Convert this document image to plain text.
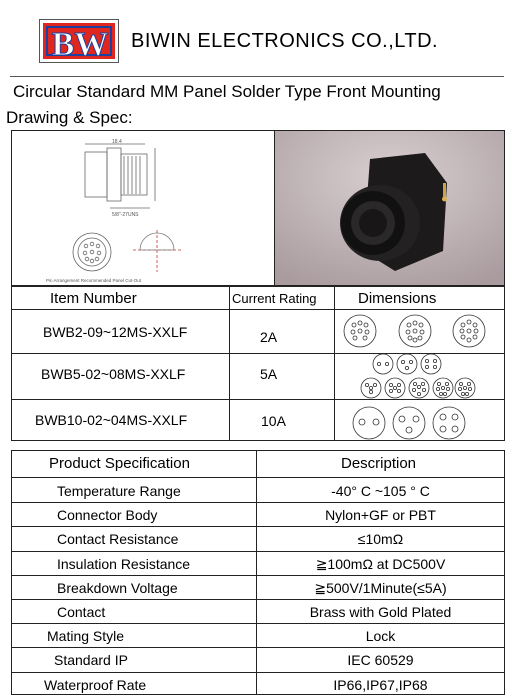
BW BIWIN ELECTRONICS CO.,LTD.
Circular Standard MM Panel Solder Type Front Mounting
Drawing & Spec:
18.4
5/8"-27UNS
Pin Arrangement Recommended Panel Cut-Out
Item Number	Current Rating	Dimensions
BWB2-09~12MS-XXLF	2A
BWB5-02~08MS-XXLF	5A
BWB10-02~04MS-XXLF	10A
Product Specification	Description
Temperature Range	-40° C ~105 ° C
Connector Body	Nylon+GF or PBT
Contact Resistance	≤10mΩ
Insulation Resistance	≧100mΩ at DC500V
Breakdown Voltage	≧500V/1Minute(≤5A)
Contact	Brass with Gold Plated
Mating Style	Lock
Standard IP	IEC 60529
Waterproof Rate	IP66,IP67,IP68
